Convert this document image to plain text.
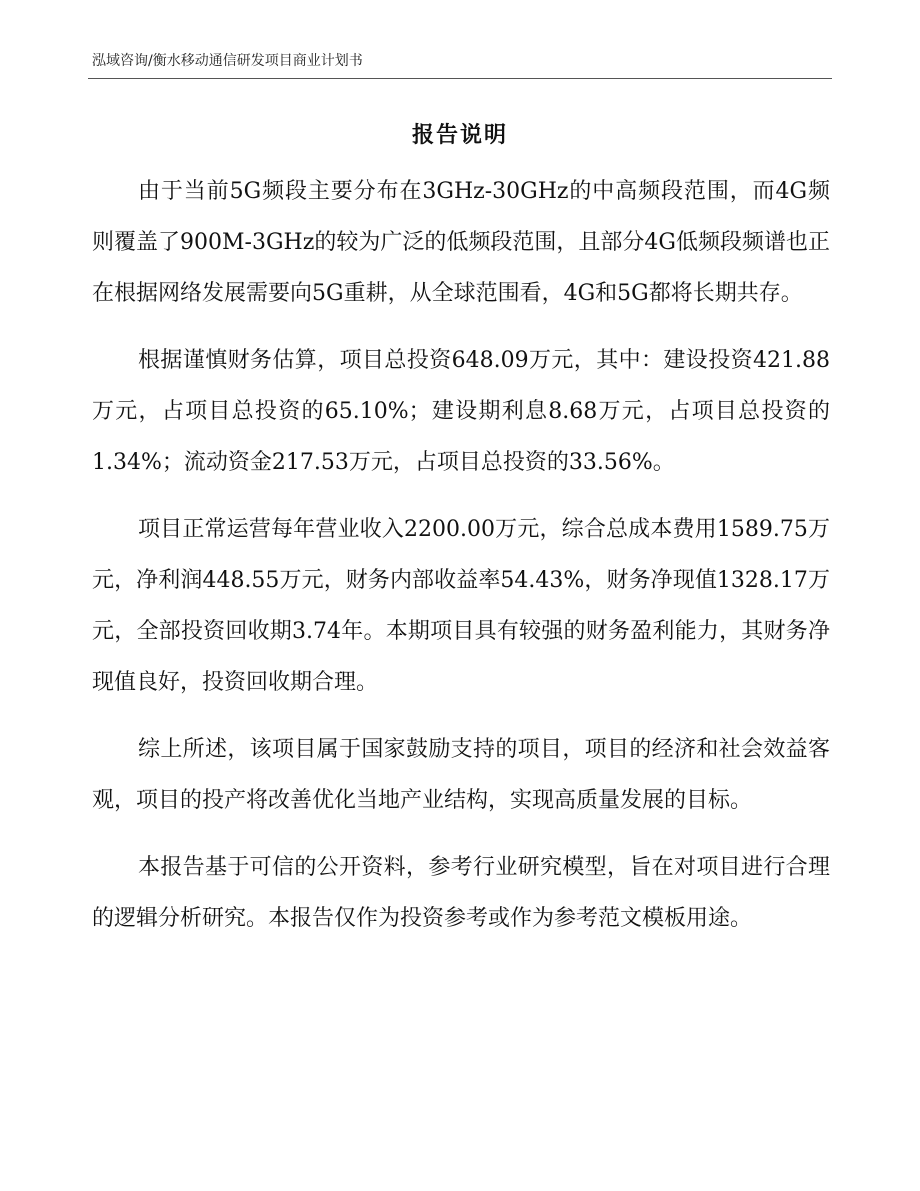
泓域咨询/衡水移动通信研发项目商业计划书
报告说明

由于当前5G频段主要分布在3GHz-30GHz的中高频段范围，而4G频则覆盖了900M-3GHz的较为广泛的低频段范围，且部分4G低频段频谱也正在根据网络发展需要向5G重耕，从全球范围看，4G和5G都将长期共存。

根据谨慎财务估算，项目总投资648.09万元，其中：建设投资421.88万元，占项目总投资的65.10%；建设期利息8.68万元，占项目总投资的1.34%；流动资金217.53万元，占项目总投资的33.56%。

项目正常运营每年营业收入2200.00万元，综合总成本费用1589.75万元，净利润448.55万元，财务内部收益率54.43%，财务净现值1328.17万元，全部投资回收期3.74年。本期项目具有较强的财务盈利能力，其财务净现值良好，投资回收期合理。

综上所述，该项目属于国家鼓励支持的项目，项目的经济和社会效益客观，项目的投产将改善优化当地产业结构，实现高质量发展的目标。

本报告基于可信的公开资料，参考行业研究模型，旨在对项目进行合理的逻辑分析研究。本报告仅作为投资参考或作为参考范文模板用途。
